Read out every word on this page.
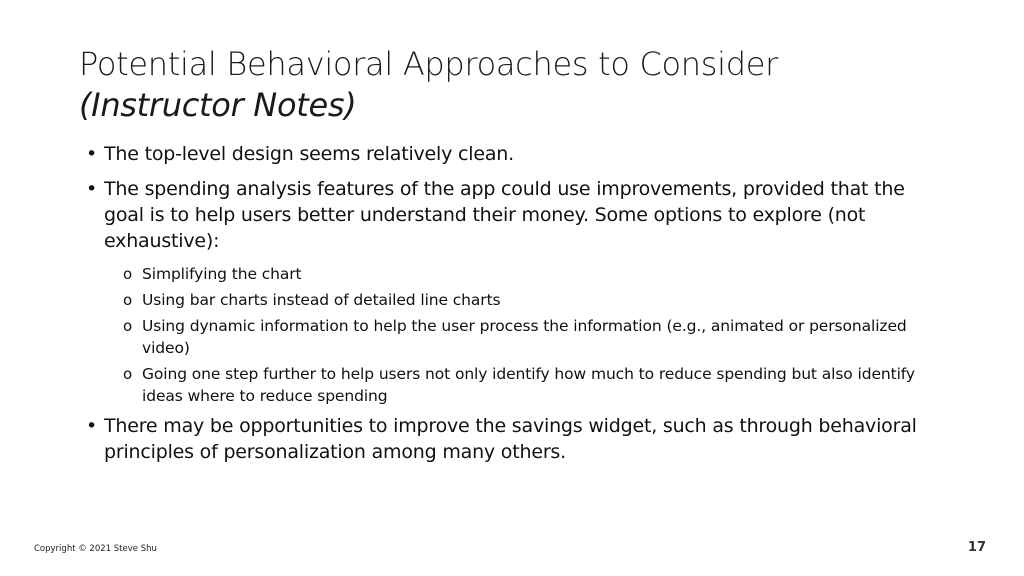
Potential Behavioral Approaches to Consider
(Instructor Notes)
• The top-level design seems relatively clean.
• The spending analysis features of the app could use improvements, provided that the goal is to help users better understand their money. Some options to explore (not exhaustive):
o Simplifying the chart
o Using bar charts instead of detailed line charts
o Using dynamic information to help the user process the information (e.g., animated or personalized video)
o Going one step further to help users not only identify how much to reduce spending but also identify ideas where to reduce spending
• There may be opportunities to improve the savings widget, such as through behavioral principles of personalization among many others.
Copyright © 2021 Steve Shu	17
